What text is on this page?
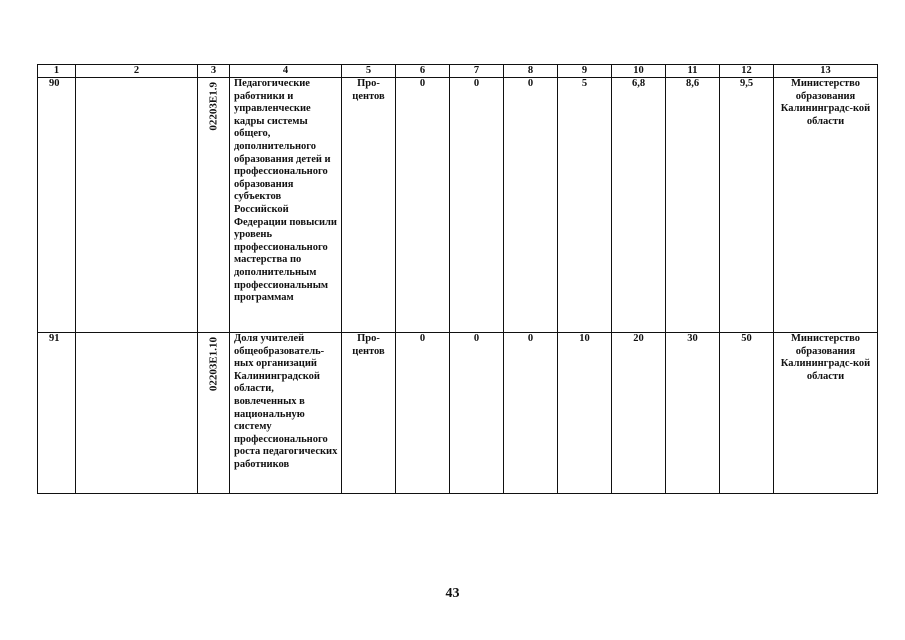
1	2	3	4	5	6	7	8	9	10	11	12	13
90		02203E1.9	Педагогические работники и управленческие кадры системы общего, дополнительного образования детей и профессионального образования субъектов Российской Федерации повысили уровень профессионального мастерства по дополнительным профессиональным программам	Про-центов	0	0	0	5	6,8	8,6	9,5	Министерство образования Калининградс-кой области
91		02203E1.10	Доля учителей общеобразователь-ных организаций Калининградской области, вовлеченных в национальную систему профессионального роста педагогических работников	Про-центов	0	0	0	10	20	30	50	Министерство образования Калининградс-кой области
43
